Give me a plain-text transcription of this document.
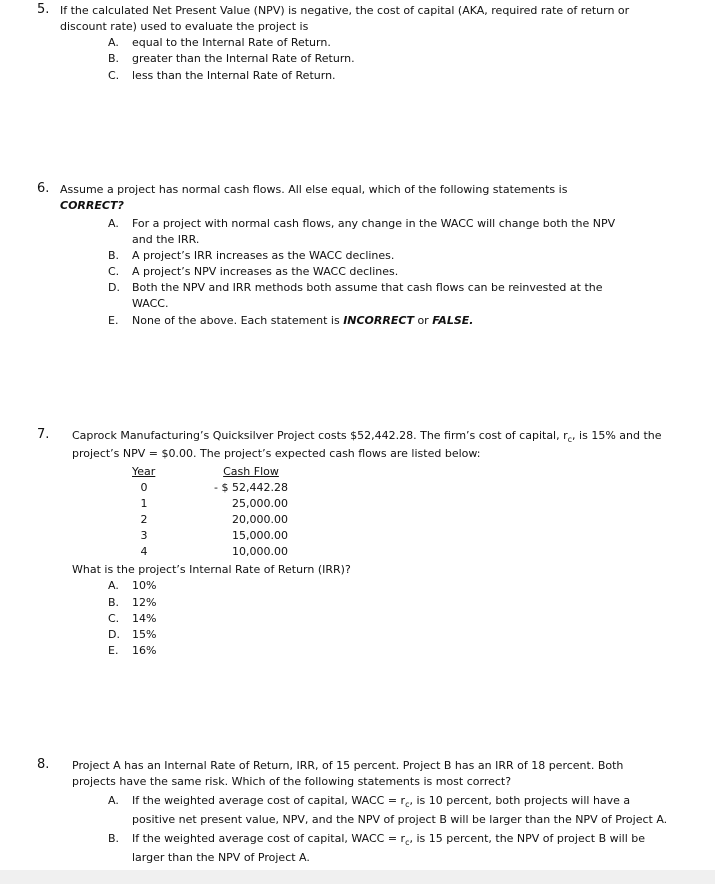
5. If the calculated Net Present Value (NPV) is negative, the cost of capital (AKA, required rate of return or
discount rate) used to evaluate the project is
A. equal to the Internal Rate of Return.
B. greater than the Internal Rate of Return.
C. less than the Internal Rate of Return.
6. Assume a project has normal cash flows. All else equal, which of the following statements is
CORRECT?
A. For a project with normal cash flows, any change in the WACC will change both the NPV
and the IRR.
B. A project’s IRR increases as the WACC declines.
C. A project’s NPV increases as the WACC declines.
D. Both the NPV and IRR methods both assume that cash flows can be reinvested at the
WACC.
E. None of the above. Each statement is INCORRECT or FALSE.
7. Caprock Manufacturing’s Quicksilver Project costs $52,442.28. The firm’s cost of capital, $r_c$, is 15% and the
project’s NPV = $0.00. The project’s expected cash flows are listed below:
Year	Cash Flow
0	- $ 52,442.28
1	25,000.00
2	20,000.00
3	15,000.00
4	10,000.00
What is the project’s Internal Rate of Return (IRR)?
A. 10%
B. 12%
C. 14%
D. 15%
E. 16%
8. Project A has an Internal Rate of Return, IRR, of 15 percent. Project B has an IRR of 18 percent. Both
projects have the same risk. Which of the following statements is most correct?
A. If the weighted average cost of capital, WACC = $r_c$, is 10 percent, both projects will have a
positive net present value, NPV, and the NPV of project B will be larger than the NPV of Project A.
B. If the weighted average cost of capital, WACC = $r_c$, is 15 percent, the NPV of project B will be
larger than the NPV of Project A.
